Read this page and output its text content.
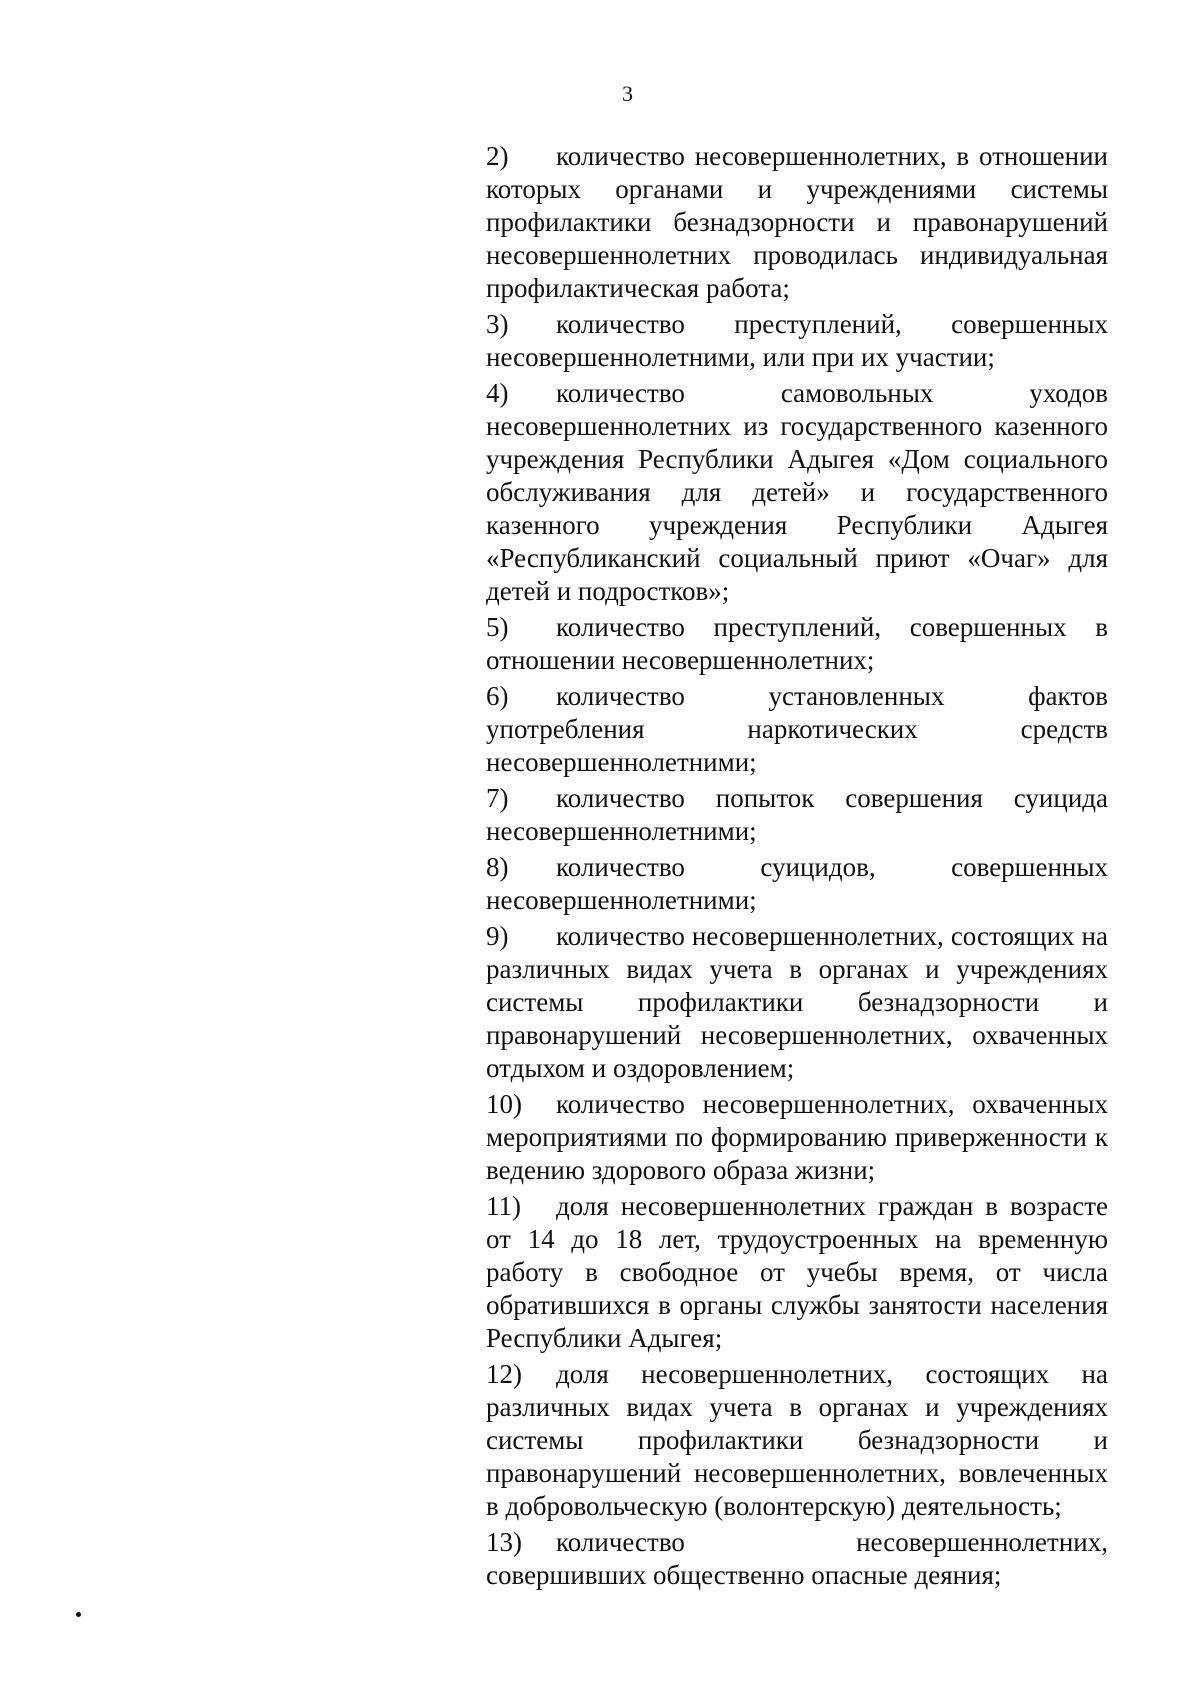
3

2) количество несовершеннолетних, в отношении которых органами и учреждениями системы профилактики безнадзорности и правонарушений несовершеннолетних проводилась индивидуальная профилактическая работа;

3) количество преступлений, совершенных несовершеннолетними, или при их участии;

4) количество самовольных уходов несовершеннолетних из государственного казенного учреждения Республики Адыгея «Дом социального обслуживания для детей» и государственного казенного учреждения Республики Адыгея «Республиканский социальный приют «Очаг» для детей и подростков»;

5) количество преступлений, совершенных в отношении несовершеннолетних;

6) количество установленных фактов употребления наркотических средств несовершеннолетними;

7) количество попыток совершения суицида несовершеннолетними;

8) количество суицидов, совершенных несовершеннолетними;

9) количество несовершеннолетних, состоящих на различных видах учета в органах и учреждениях системы профилактики безнадзорности и правонарушений несовершеннолетних, охваченных отдыхом и оздоровлением;

10) количество несовершеннолетних, охваченных мероприятиями по формированию приверженности к ведению здорового образа жизни;

11) доля несовершеннолетних граждан в возрасте от 14 до 18 лет, трудоустроенных на временную работу в свободное от учебы время, от числа обратившихся в органы службы занятости населения Республики Адыгея;

12) доля несовершеннолетних, состоящих на различных видах учета в органах и учреждениях системы профилактики безнадзорности и правонарушений несовершеннолетних, вовлеченных в добровольческую (волонтерскую) деятельность;

13) количество несовершеннолетних, совершивших общественно опасные деяния;
